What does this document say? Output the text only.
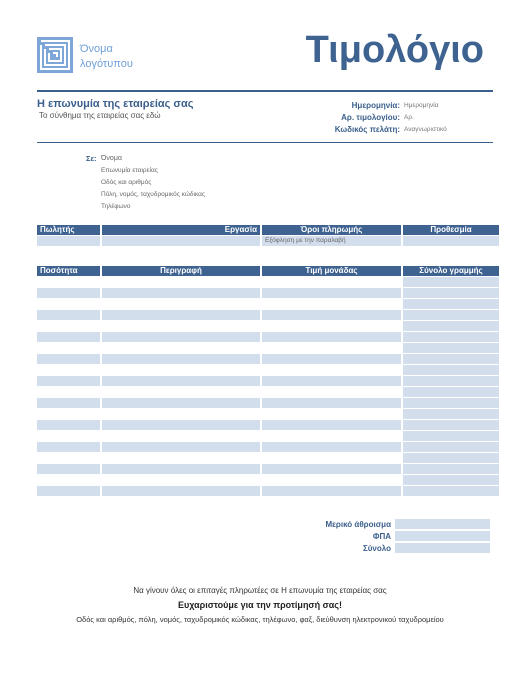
Όνομα
λογότυπου	Τιμολόγιο
Η επωνυμία της εταιρείας σας
Το σύνθημα της εταιρείας σας εδώ
Ημερομηνία: Ημερομηνία
Αρ. τιμολογίου: Αρ.
Κωδικός πελάτη: Αναγνωριστικό
Σε: Όνομα
Επωνυμία εταιρείας
Οδός και αριθμός
Πόλη, νομός, ταχυδρομικός κώδικας
Τηλέφωνο
Πωλητής	Εργασία	Όροι πληρωμής	Προθεσμία
		Εξόφληση με την παραλαβή	
Ποσότητα	Περιγραφή	Τιμή μονάδας	Σύνολο γραμμής

Μερικό άθροισμα
ΦΠΑ
Σύνολο
Να γίνουν όλες οι επιταγές πληρωτέες σε Η επωνυμία της εταιρείας σας
Ευχαριστούμε για την προτίμησή σας!
Οδός και αριθμός, πόλη, νομός, ταχυδρομικός κώδικας, τηλέφωνο, φαξ, διεύθυνση ηλεκτρονικού ταχυδρομείου
